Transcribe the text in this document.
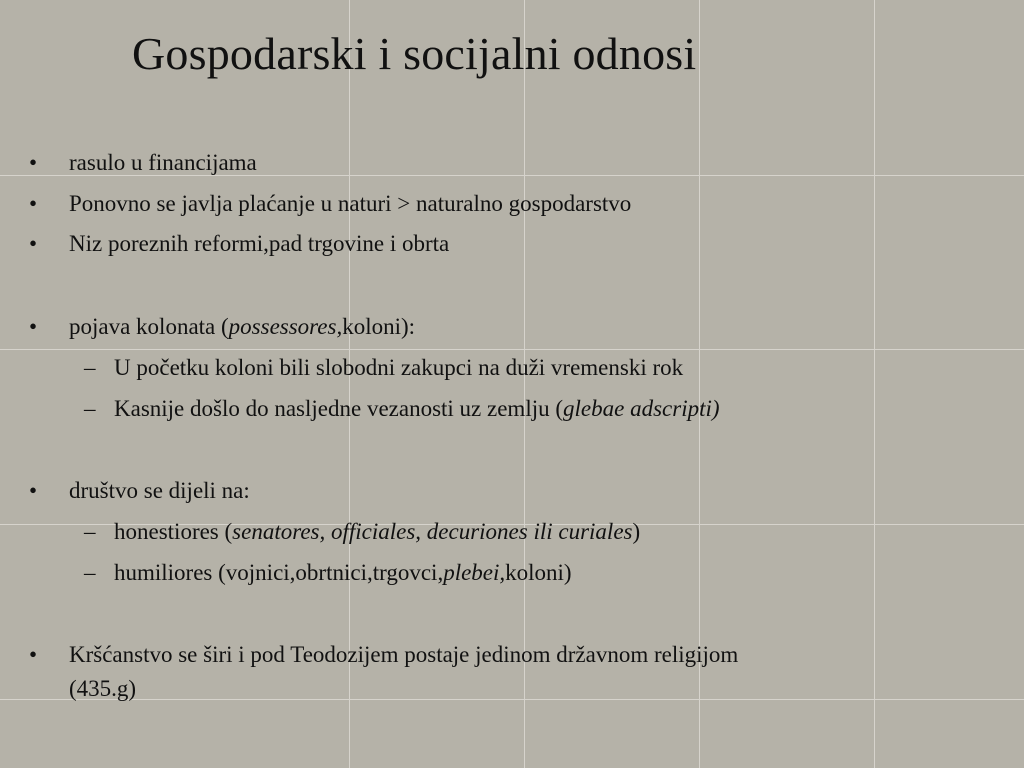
Gospodarski i socijalni odnosi
• rasulo u financijama
• Ponovno se javlja plaćanje u naturi > naturalno gospodarstvo
• Niz poreznih reformi,pad trgovine i obrta
• pojava kolonata (possessores,koloni):
– U početku koloni bili slobodni zakupci na duži vremenski rok
– Kasnije došlo do nasljedne vezanosti uz zemlju (glebae adscripti)
• društvo se dijeli na:
– honestiores (senatores, officiales, decuriones ili curiales)
– humiliores (vojnici,obrtnici,trgovci,plebei,koloni)
• Kršćanstvo se širi i pod Teodozijem postaje jedinom državnom religijom
(435.g)
